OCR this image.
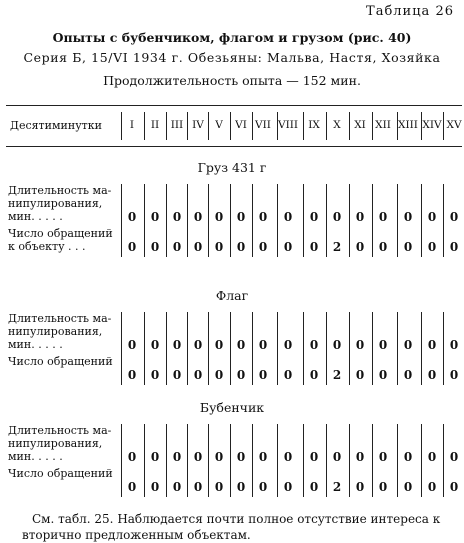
Таблица 26
Опыты с бубенчиком, флагом и грузом (рис. 40)
Серия Б, 15/VI 1934 г. Обезьяны: Мальва, Настя, Хозяйка
Продолжительность опыта — 152 мин.
Десятиминутки	I	II	III IV	V	VI VII VIII IX	X	XI XII XIII XIV XV
Груз 431 г
Длительность ма-
нипулирования,
мин. . . . .	0	0	0	0	0	0	0	0	0	0	0	0	0	0	0
Число обращений
к объекту . . .	0	0	0	0	0	0	0	0	0	2	0	0	0	0	0
Флаг
Длительность ма-
нипулирования,
мин. . . . .	0	0	0	0	0	0	0	0	0	0	0	0	0	0	0
Число обращений
0	0	0	0	0	0	0	0	0	2	0	0	0	0	0
Бубенчик
Длительность ма-
нипулирования,
мин. . . . .	0	0	0	0	0	0	0	0	0	0	0	0	0	0	0
Число обращений
0	0	0	0	0	0	0	0	0	2	0	0	0	0	0
См. табл. 25. Наблюдается почти полное отсутствие интереса к вторично предложенным объектам.
